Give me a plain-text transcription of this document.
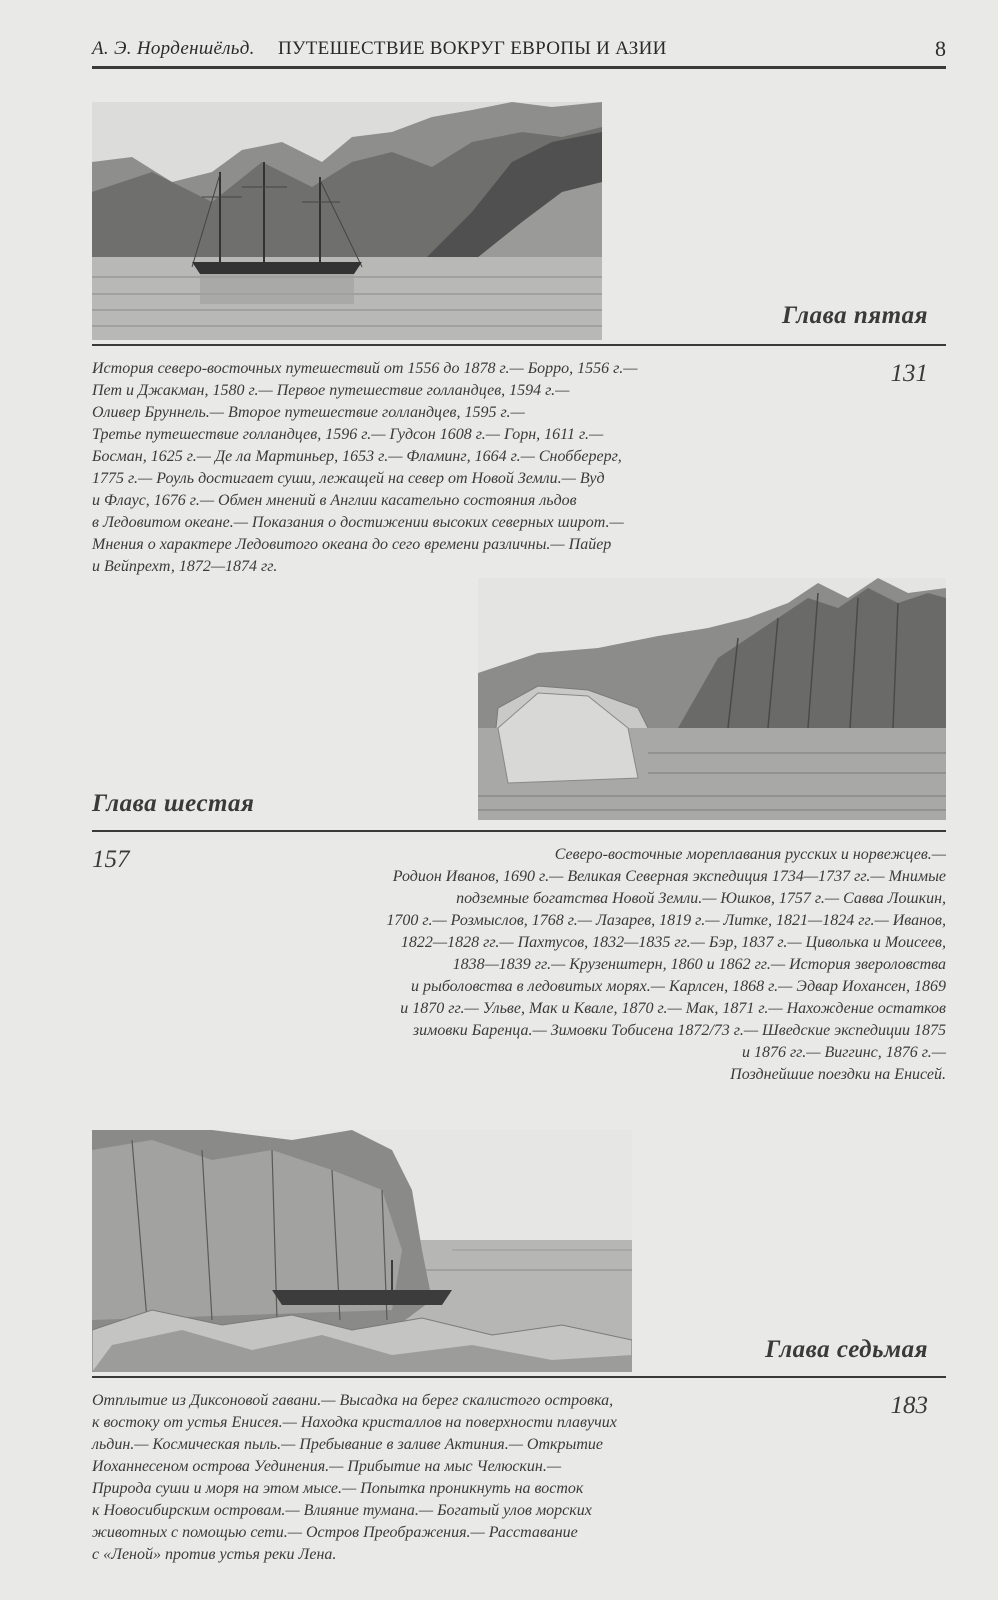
А. Э. Норденшёльд. ПУТЕШЕСТВИЕ ВОКРУГ ЕВРОПЫ И АЗИИ	8
Глава пятая
131
История северо-восточных путешествий от 1556 до 1878 г.— Борро, 1556 г.—
Пет и Джакман, 1580 г.— Первое путешествие голландцев, 1594 г.—
Оливер Бруннель.— Второе путешествие голландцев, 1595 г.—
Третье путешествие голландцев, 1596 г.— Гудсон 1608 г.— Горн, 1611 г.—
Босман, 1625 г.— Де ла Мартиньер, 1653 г.— Фламинг, 1664 г.— Снобберерг,
1775 г.— Роуль достигает суши, лежащей на север от Новой Земли.— Вуд
и Флаус, 1676 г.— Обмен мнений в Англии касательно состояния льдов
в Ледовитом океане.— Показания о достижении высоких северных широт.—
Мнения о характере Ледовитого океана до сего времени различны.— Пайер
и Вейпрехт, 1872—1874 гг.
Глава шестая
157	Северо-восточные мореплавания русских и норвежцев.—
Родион Иванов, 1690 г.— Великая Северная экспедиция 1734—1737 гг.— Мнимые
подземные богатства Новой Земли.— Юшков, 1757 г.— Савва Лошкин,
1700 г.— Розмыслов, 1768 г.— Лазарев, 1819 г.— Литке, 1821—1824 гг.— Иванов,
1822—1828 гг.— Пахтусов, 1832—1835 гг.— Бэр, 1837 г.— Циволька и Моисеев,
1838—1839 гг.— Крузенштерн, 1860 и 1862 гг.— История звероловства
и рыболовства в ледовитых морях.— Карлсен, 1868 г.— Эдвар Иохансен, 1869
и 1870 гг.— Ульве, Мак и Квале, 1870 г.— Мак, 1871 г.— Нахождение остатков
зимовки Баренца.— Зимовки Тобисена 1872/73 г.— Шведские экспедиции 1875
и 1876 гг.— Виггинс, 1876 г.—
Позднейшие поездки на Енисей.
Глава седьмая
183
Отплытие из Диксоновой гавани.— Высадка на берег скалистого островка,
к востоку от устья Енисея.— Находка кристаллов на поверхности плавучих
льдин.— Космическая пыль.— Пребывание в заливе Актиния.— Открытие
Иоханнесеном острова Уединения.— Прибытие на мыс Челюскин.—
Природа суши и моря на этом мысе.— Попытка проникнуть на восток
к Новосибирским островам.— Влияние тумана.— Богатый улов морских
животных с помощью сети.— Остров Преображения.— Расставание
с «Леной» против устья реки Лена.
